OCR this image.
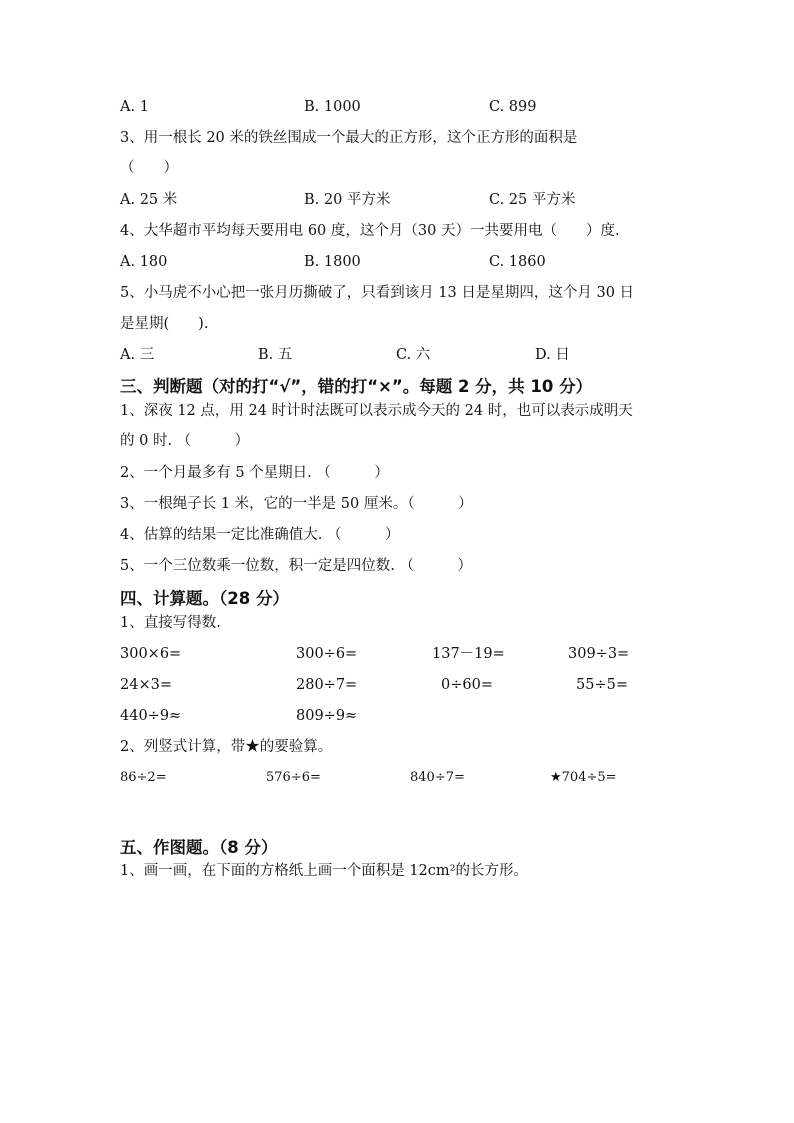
A. 1	B. 1000	C. 899
3、用一根长 20 米的铁丝围成一个最大的正方形，这个正方形的面积是
（　　）
A. 25 米	B. 20 平方米	C. 25 平方米
4、大华超市平均每天要用电 60 度，这个月（30 天）一共要用电（　　）度.
A. 180	B. 1800	C. 1860
5、小马虎不小心把一张月历撕破了，只看到该月 13 日是星期四，这个月 30 日
是星期(　　).
A. 三	B. 五	C. 六	D. 日
三、判断题（对的打“√”，错的打“×”。每题 2 分，共 10 分）
1、深夜 12 点，用 24 时计时法既可以表示成今天的 24 时，也可以表示成明天
的 0 时. （　　　）
2、一个月最多有 5 个星期日. （　　　）
3、一根绳子长 1 米，它的一半是 50 厘米。（　　　）
4、估算的结果一定比准确值大. （　　　）
5、一个三位数乘一位数，积一定是四位数. （　　　）
四、计算题。（28 分）
1、直接写得数.
300×6=	300÷6=	137－19=	309÷3=
24×3=	280÷7=	0÷60=	55÷5=
440÷9≈	809÷9≈
2、列竖式计算，带★的要验算。
86÷2=	576÷6=	840÷7=	★704÷5=
五、作图题。（8 分）
1、画一画，在下面的方格纸上画一个面积是 12cm²的长方形。
